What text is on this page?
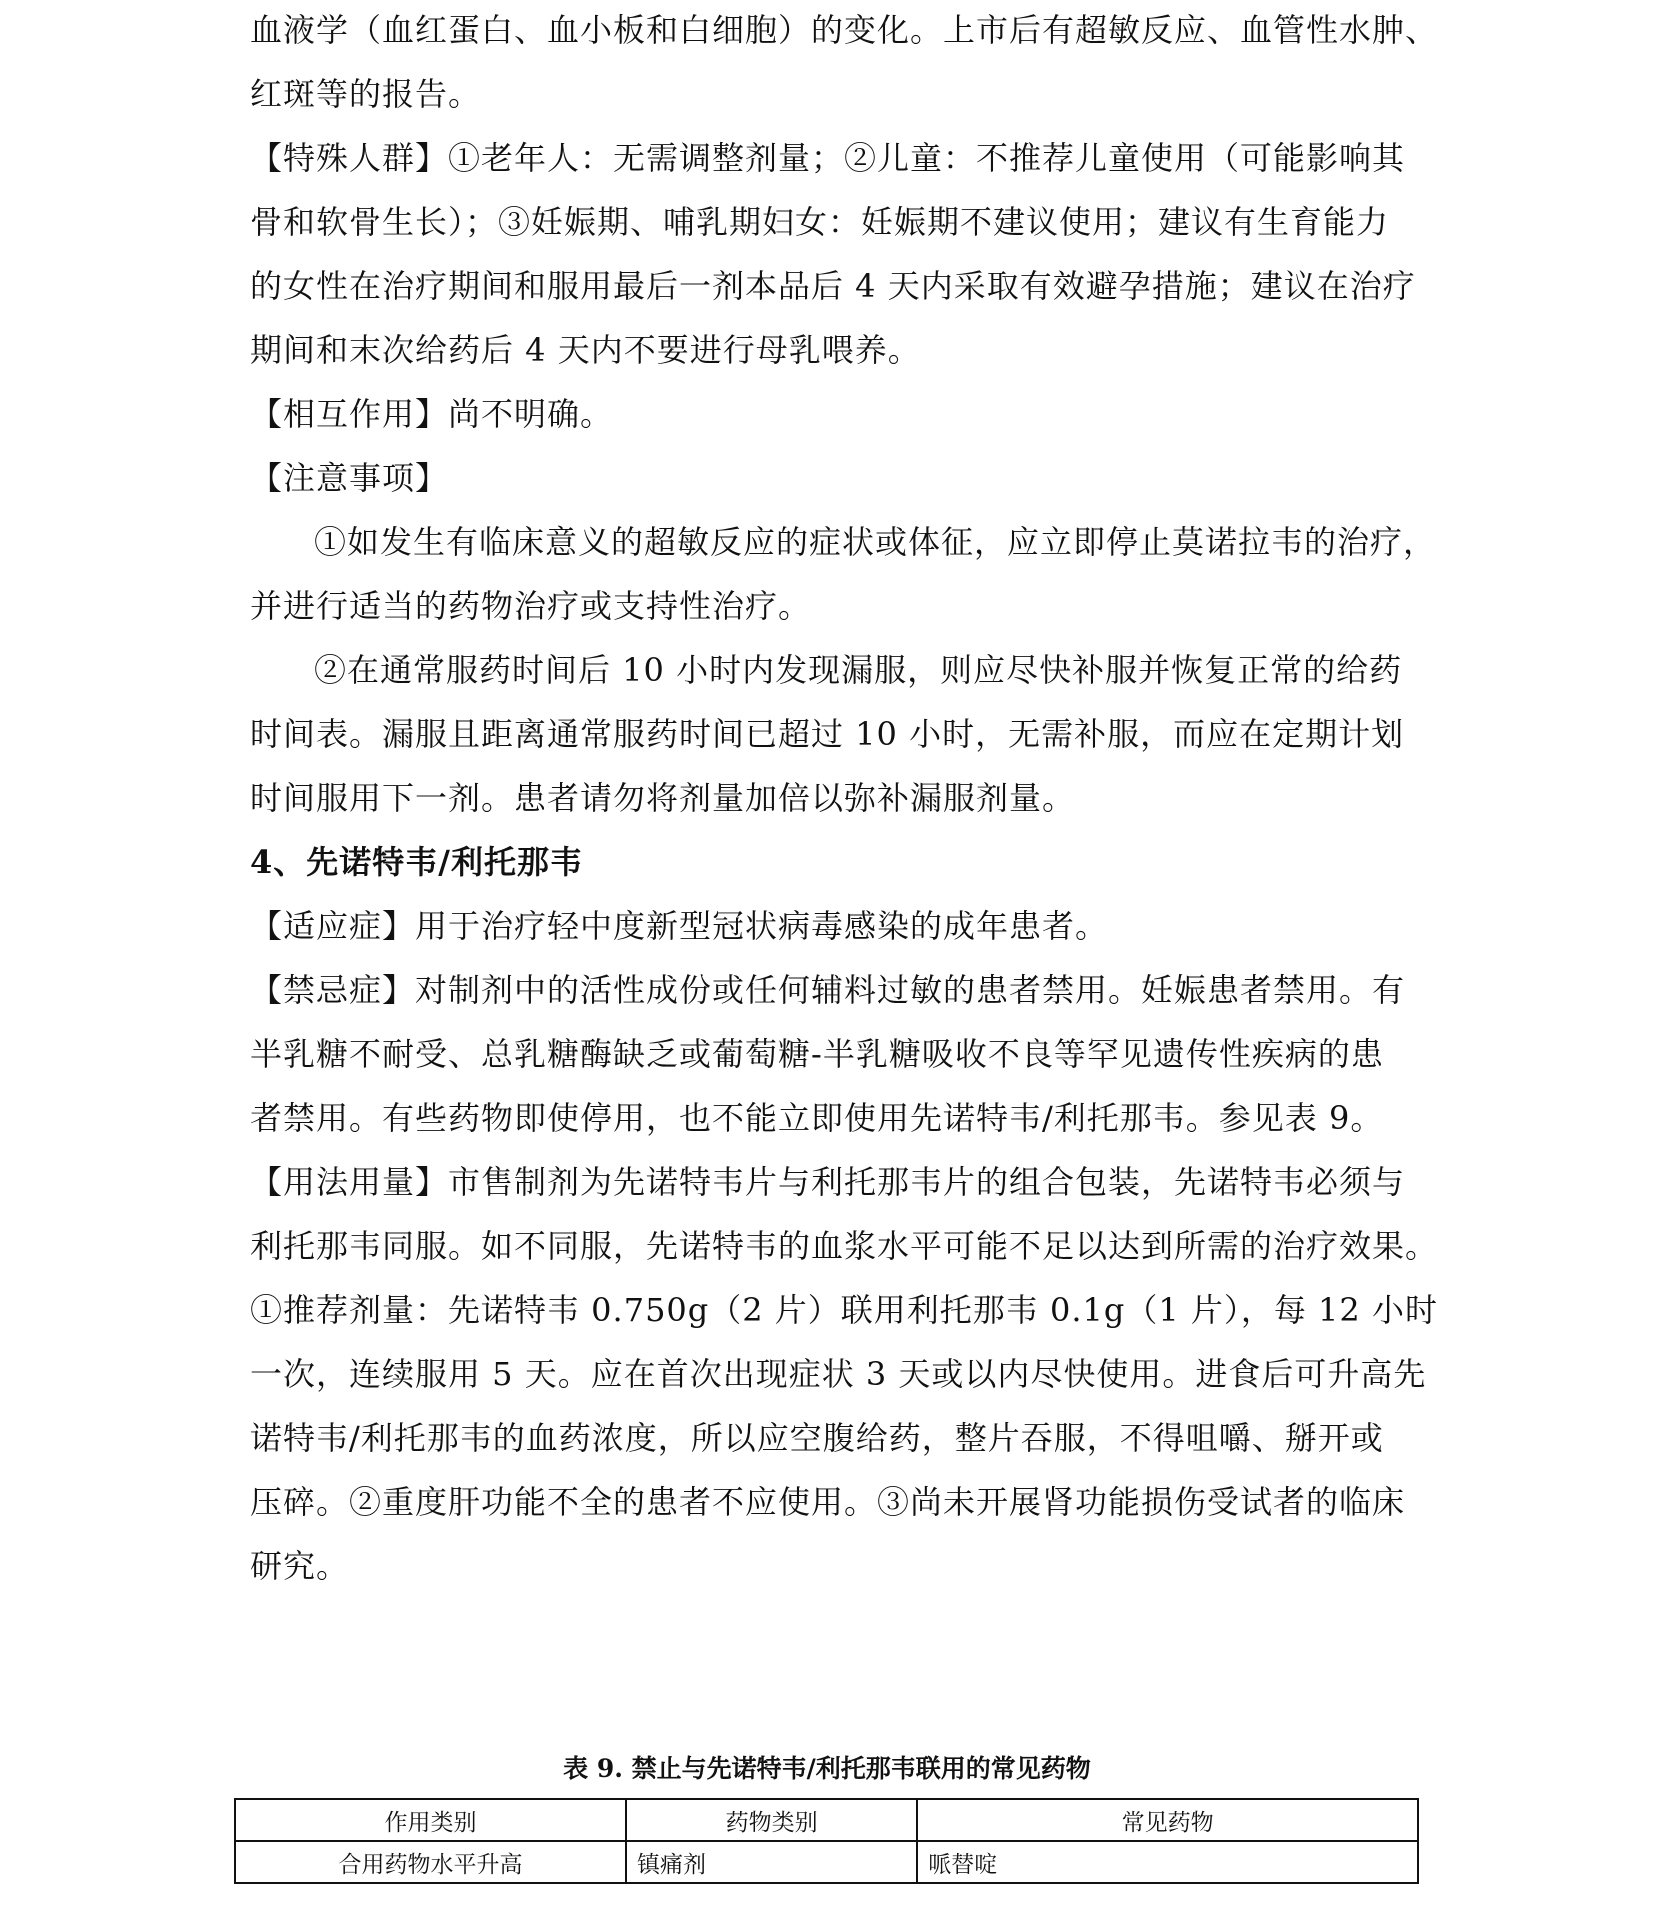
血液学（血红蛋白、血小板和白细胞）的变化。上市后有超敏反应、血管性水肿、
红斑等的报告。
【特殊人群】①老年人：无需调整剂量；②儿童：不推荐儿童使用（可能影响其
骨和软骨生长）；③妊娠期、哺乳期妇女：妊娠期不建议使用；建议有生育能力
的女性在治疗期间和服用最后一剂本品后 4 天内采取有效避孕措施；建议在治疗
期间和末次给药后 4 天内不要进行母乳喂养。
【相互作用】尚不明确。
【注意事项】
①如发生有临床意义的超敏反应的症状或体征，应立即停止莫诺拉韦的治疗，
并进行适当的药物治疗或支持性治疗。
②在通常服药时间后 10 小时内发现漏服，则应尽快补服并恢复正常的给药
时间表。漏服且距离通常服药时间已超过 10 小时，无需补服，而应在定期计划
时间服用下一剂。患者请勿将剂量加倍以弥补漏服剂量。
4、先诺特韦/利托那韦
【适应症】用于治疗轻中度新型冠状病毒感染的成年患者。
【禁忌症】对制剂中的活性成份或任何辅料过敏的患者禁用。妊娠患者禁用。有
半乳糖不耐受、总乳糖酶缺乏或葡萄糖-半乳糖吸收不良等罕见遗传性疾病的患
者禁用。有些药物即使停用，也不能立即使用先诺特韦/利托那韦。参见表 9。
【用法用量】市售制剂为先诺特韦片与利托那韦片的组合包装，先诺特韦必须与
利托那韦同服。如不同服，先诺特韦的血浆水平可能不足以达到所需的治疗效果。
①推荐剂量：先诺特韦 0.750g（2 片）联用利托那韦 0.1g（1 片），每 12 小时
一次，连续服用 5 天。应在首次出现症状 3 天或以内尽快使用。进食后可升高先
诺特韦/利托那韦的血药浓度，所以应空腹给药，整片吞服，不得咀嚼、掰开或
压碎。②重度肝功能不全的患者不应使用。③尚未开展肾功能损伤受试者的临床
研究。
表 9. 禁止与先诺特韦/利托那韦联用的常见药物
作用类别	药物类别	常见药物
合用药物水平升高	镇痛剂	哌替啶
